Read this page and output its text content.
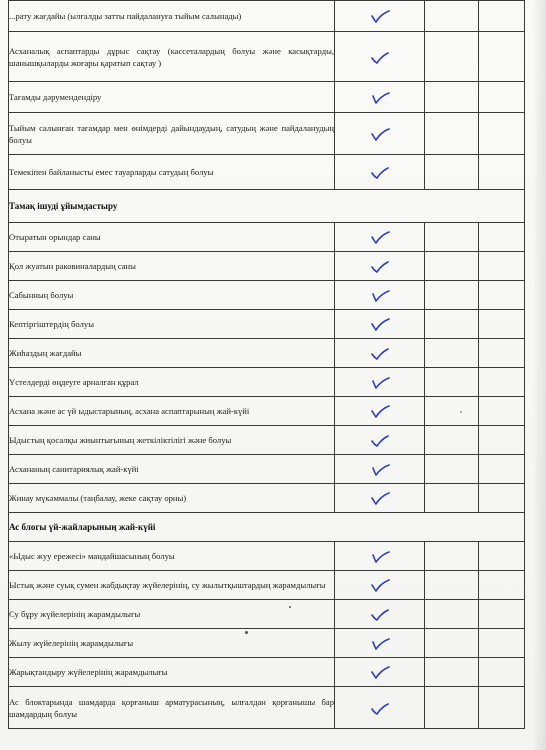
...рату жағдайы (ылғалды затты пайдалануға тыйым салынады)	

Асханалық аспаптарды дұрыс сақтау (кассеталардың болуы және касықтарды, шанышқыларды жоғары қаратып сақтау )	

Тағамды дәрумендендіру	

Тыйым салынған тағамдар мен өнімдерді дайындаудың, сатудың және пайдаланудың болуы	

Темекіпен байланысты емес тауарларды сатудың болуы	

Тамақ ішуді ұйымдастыру			
Отыратын орындар саны	

Қол жуатын раковиналардың саны	

Сабынның болуы	

Кептіргіштердің болуы	

Жиһаздың жағдайы	

Үстелдерді өңдеуге арналған құрал	

Асхана және ас үй ыдыстарының, асхана аспаптарының жай-күйі	

Ыдыстың қосалқы жиынтығының жеткіліктілігі және болуы	

Асхананың санитариялық жай-күйі	

Жинау мүкәммалы (таңбалау, жеке сақтау орны)	

Ас блогы үй-жайларының жай-күйі			
«Ыдыс жуу ережесі» мандайшасының болуы	

Ыстық және суық сумен жабдықтау жүйелерінің, су жылытқыштардың жарамдылығы	

Су бұру жүйелерінің жарамдылығы	

Жылу жүйелерінің жарамдылығы	

Жарықтандыру жүйелерінің жарамдылығы	

Ас блоктарында шамдарда қорғаныш арматурасының, ылғалдан қорғанышы бар шамдардың болуы	
